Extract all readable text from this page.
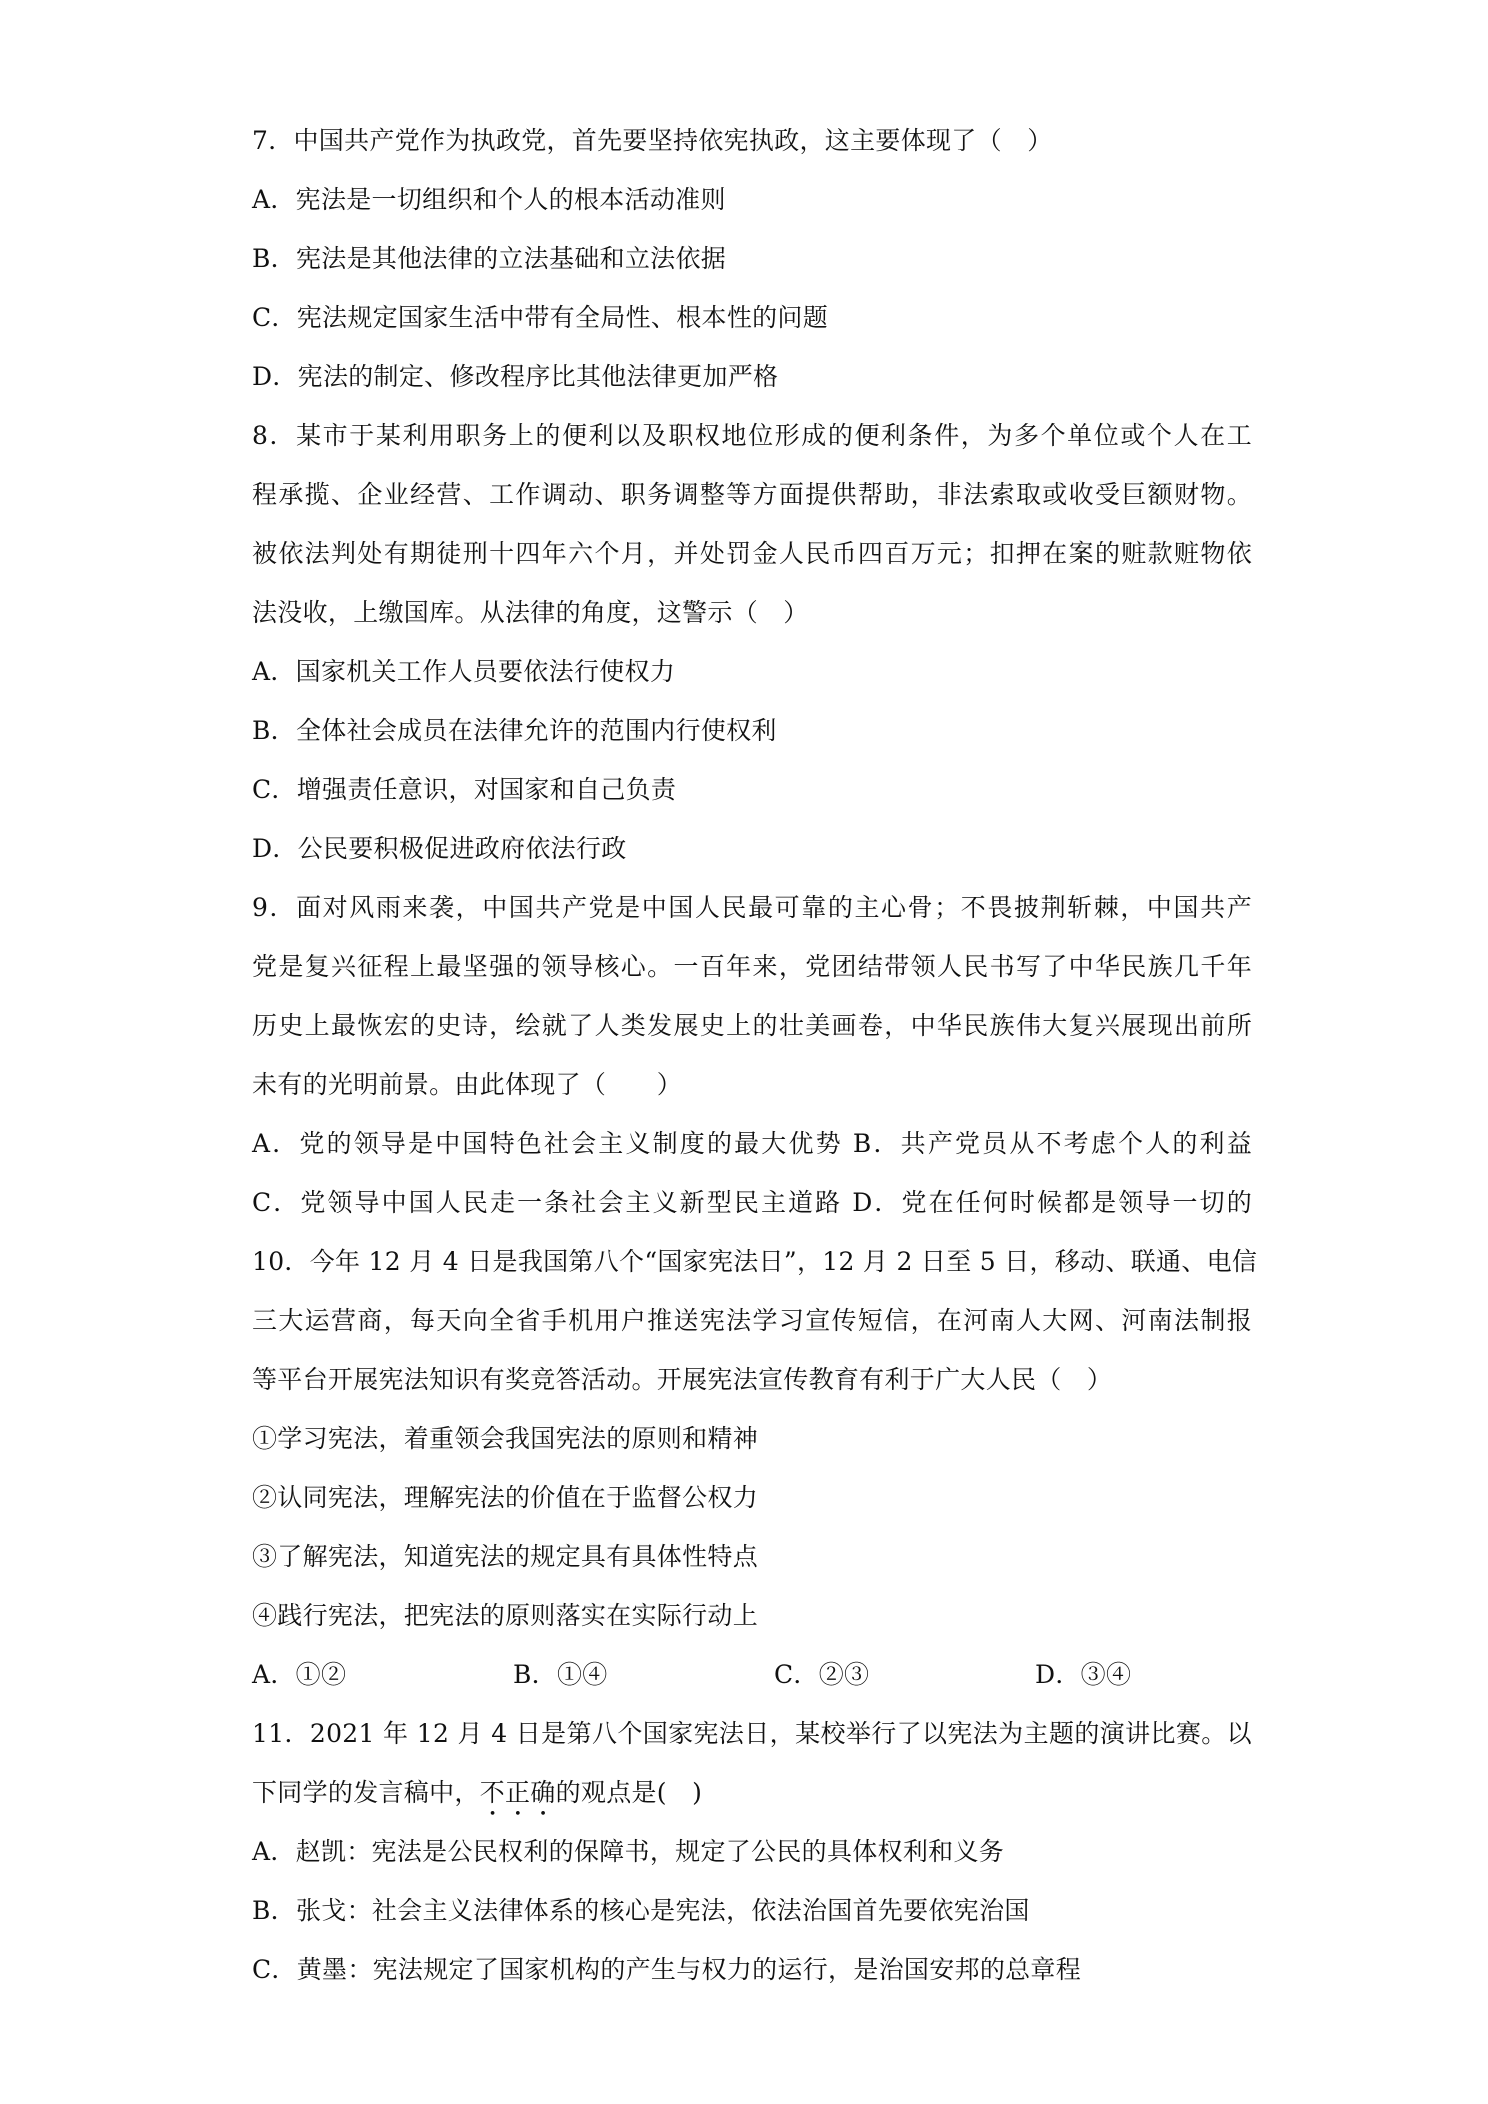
7．中国共产党作为执政党，首先要坚持依宪执政，这主要体现了（　）
A．宪法是一切组织和个人的根本活动准则
B．宪法是其他法律的立法基础和立法依据
C．宪法规定国家生活中带有全局性、根本性的问题
D．宪法的制定、修改程序比其他法律更加严格
8．某市于某利用职务上的便利以及职权地位形成的便利条件，为多个单位或个人在工
程承揽、企业经营、工作调动、职务调整等方面提供帮助，非法索取或收受巨额财物。
被依法判处有期徒刑十四年六个月，并处罚金人民币四百万元；扣押在案的赃款赃物依
法没收，上缴国库。从法律的角度，这警示（　）
A．国家机关工作人员要依法行使权力
B．全体社会成员在法律允许的范围内行使权利
C．增强责任意识，对国家和自己负责
D．公民要积极促进政府依法行政
9．面对风雨来袭，中国共产党是中国人民最可靠的主心骨；不畏披荆斩棘，中国共产
党是复兴征程上最坚强的领导核心。一百年来，党团结带领人民书写了中华民族几千年
历史上最恢宏的史诗，绘就了人类发展史上的壮美画卷，中华民族伟大复兴展现出前所
未有的光明前景。由此体现了（　　）
A．党的领导是中国特色社会主义制度的最大优势 B．共产党员从不考虑个人的利益
C．党领导中国人民走一条社会主义新型民主道路 D．党在任何时候都是领导一切的
10．今年 12 月 4 日是我国第八个“国家宪法日”，12 月 2 日至 5 日，移动、联通、电信
三大运营商，每天向全省手机用户推送宪法学习宣传短信，在河南人大网、河南法制报
等平台开展宪法知识有奖竞答活动。开展宪法宣传教育有利于广大人民（　）
①学习宪法，着重领会我国宪法的原则和精神
②认同宪法，理解宪法的价值在于监督公权力
③了解宪法，知道宪法的规定具有具体性特点
④践行宪法，把宪法的原则落实在实际行动上
A．①②	B．①④	C．②③	D．③④
11．2021 年 12 月 4 日是第八个国家宪法日，某校举行了以宪法为主题的演讲比赛。以
下同学的发言稿中，不正确的观点是(　)
A．赵凯：宪法是公民权利的保障书，规定了公民的具体权利和义务
B．张戈：社会主义法律体系的核心是宪法，依法治国首先要依宪治国
C．黄墨：宪法规定了国家机构的产生与权力的运行，是治国安邦的总章程
